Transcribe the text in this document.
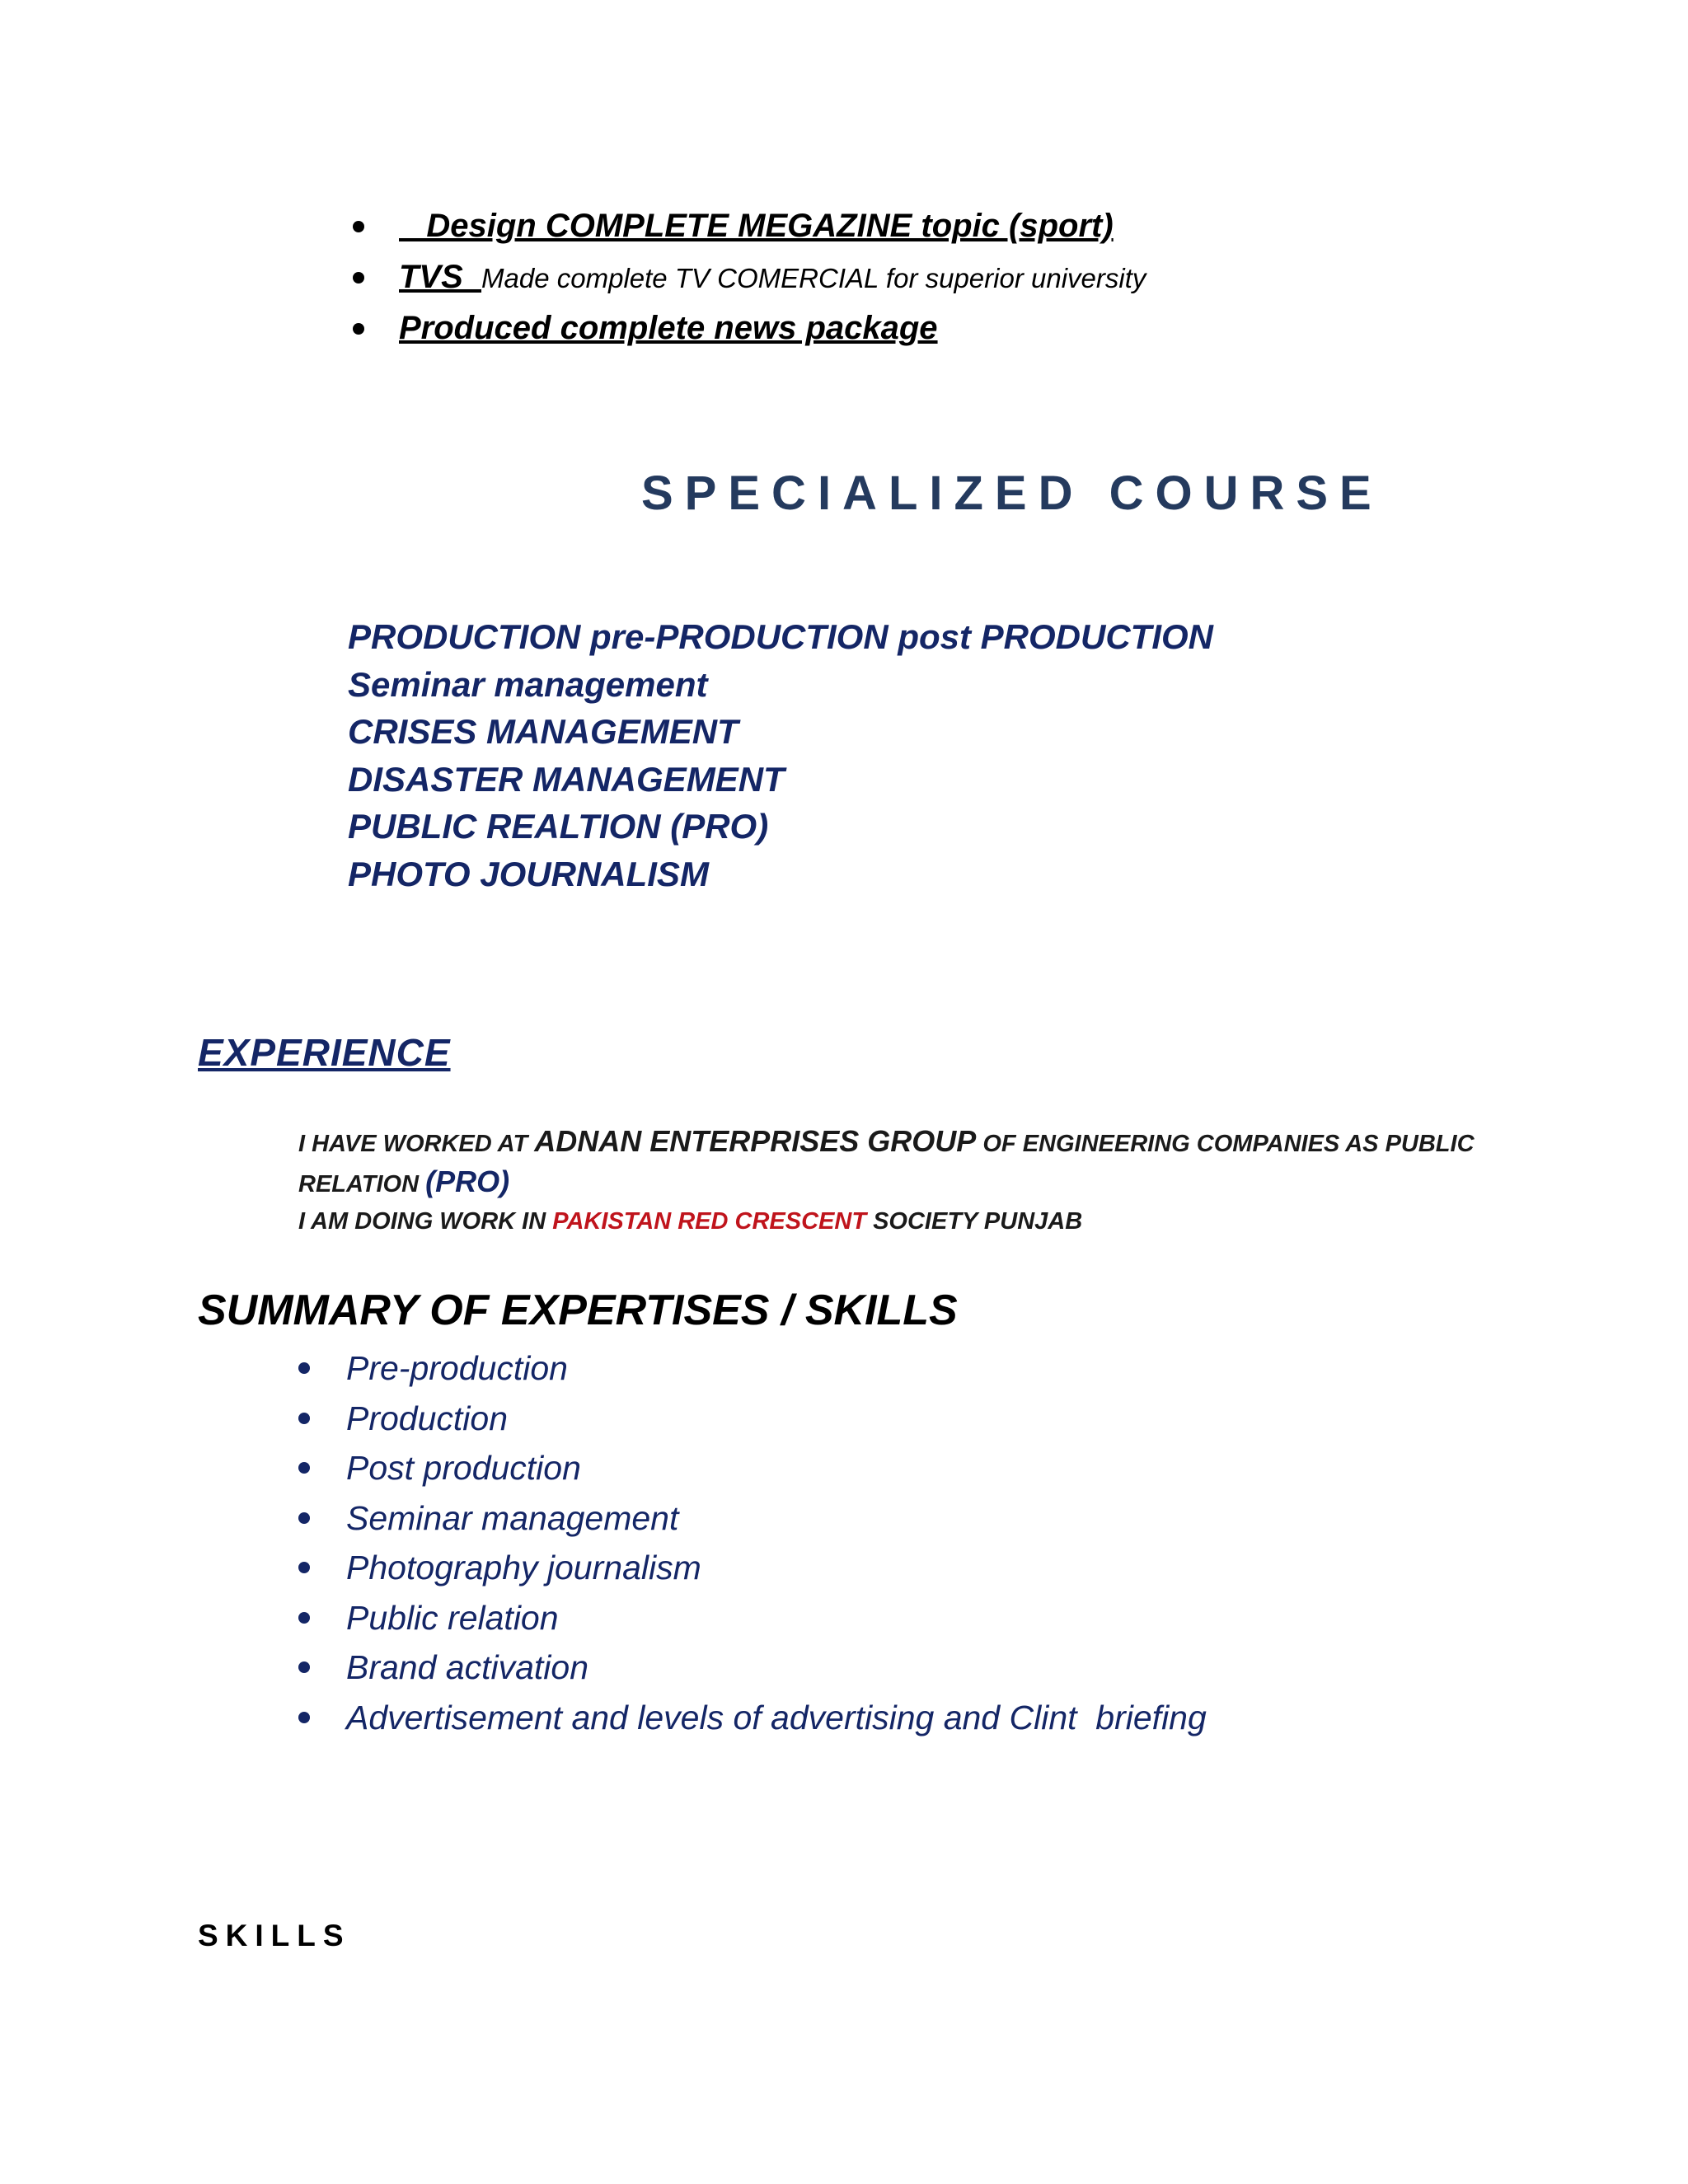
Design COMPLETE MEGAZINE topic (sport)
TVS  Made complete TV COMERCIAL for superior university
Produced complete news package
SPECIALIZED COURSE
PRODUCTION pre-PRODUCTION post PRODUCTION
Seminar management
CRISES MANAGEMENT
DISASTER MANAGEMENT
PUBLIC REALTION (PRO)
PHOTO JOURNALISM
EXPERIENCE
I HAVE WORKED AT ADNAN ENTERPRISES GROUP OF ENGINEERING COMPANIES AS PUBLIC
RELATION (PRO)
I AM DOING WORK IN PAKISTAN RED CRESCENT SOCIETY PUNJAB
SUMMARY OF EXPERTISES / SKILLS
Pre-production
Production
Post production
Seminar management
Photography journalism
Public relation
Brand activation
Advertisement and levels of advertising and Clint  briefing
SKILLS
